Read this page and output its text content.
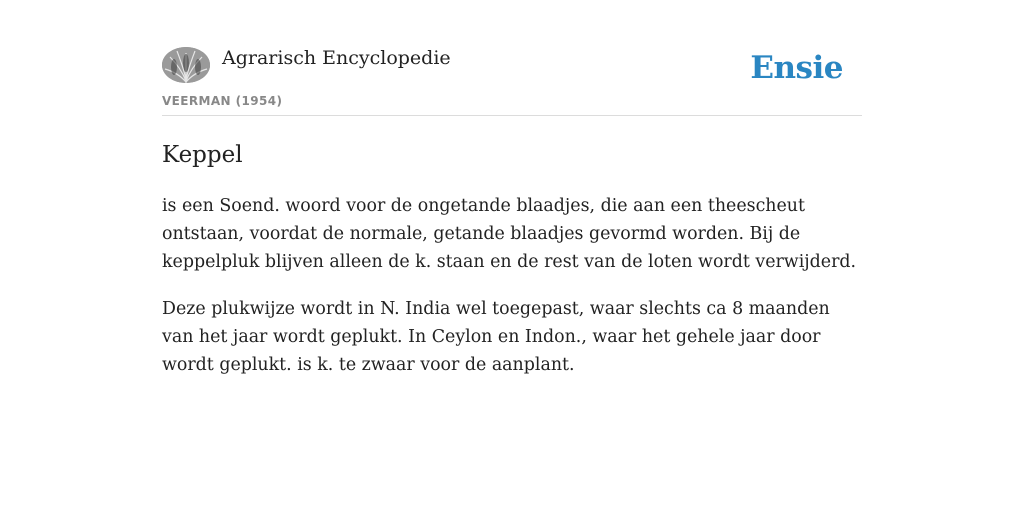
Agrarisch Encyclopedie
VEERMAN (1954)
Ensie
Keppel

is een Soend. woord voor de ongetande blaadjes, die aan een theescheut ontstaan, voordat de normale, getande blaadjes gevormd worden. Bij de keppelpluk blijven alleen de k. staan en de rest van de loten wordt verwijderd.

Deze plukwijze wordt in N. India wel toegepast, waar slechts ca 8 maanden van het jaar wordt geplukt. In Ceylon en Indon., waar het gehele jaar door wordt geplukt. is k. te zwaar voor de aanplant.
